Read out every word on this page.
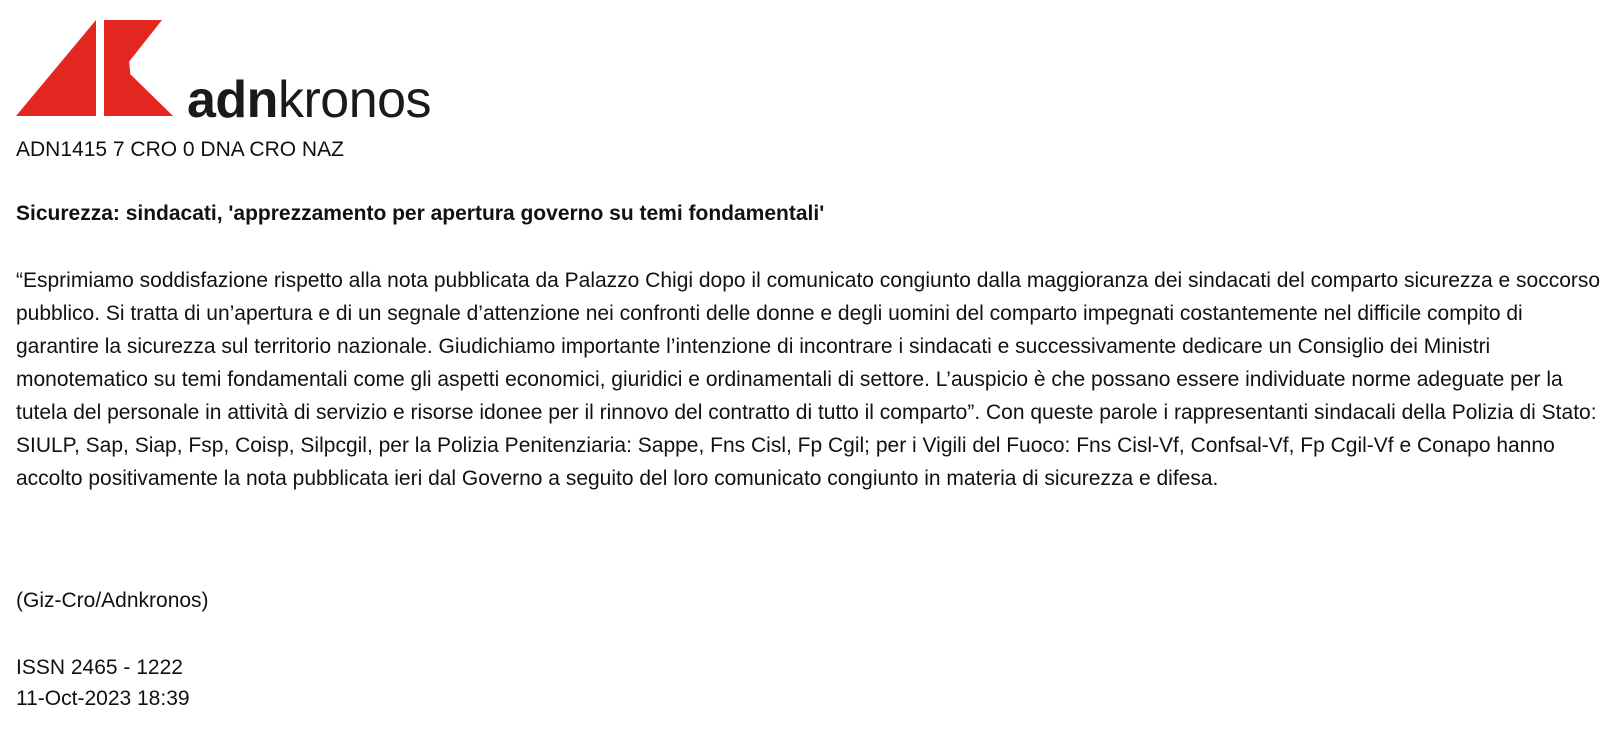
adnkronos
ADN1415 7 CRO 0 DNA CRO NAZ
Sicurezza: sindacati, 'apprezzamento per apertura governo su temi fondamentali'
“Esprimiamo soddisfazione rispetto alla nota pubblicata da Palazzo Chigi dopo il comunicato congiunto dalla maggioranza dei sindacati del comparto sicurezza e soccorso pubblico. Si tratta di un’apertura e di un segnale d’attenzione nei confronti delle donne e degli uomini del comparto impegnati costantemente nel difficile compito di garantire la sicurezza sul territorio nazionale. Giudichiamo importante l’intenzione di incontrare i sindacati e successivamente dedicare un Consiglio dei Ministri monotematico su temi fondamentali come gli aspetti economici, giuridici e ordinamentali di settore. L’auspicio è che possano essere individuate norme adeguate per la tutela del personale in attività di servizio e risorse idonee per il rinnovo del contratto di tutto il comparto”. Con queste parole i rappresentanti sindacali della Polizia di Stato: SIULP, Sap, Siap, Fsp, Coisp, Silpcgil, per la Polizia Penitenziaria: Sappe, Fns Cisl, Fp Cgil; per i Vigili del Fuoco: Fns Cisl-Vf, Confsal-Vf, Fp Cgil-Vf e Conapo hanno accolto positivamente la nota pubblicata ieri dal Governo a seguito del loro comunicato congiunto in materia di sicurezza e difesa.
(Giz-Cro/Adnkronos)
ISSN 2465 - 1222
11-Oct-2023 18:39
